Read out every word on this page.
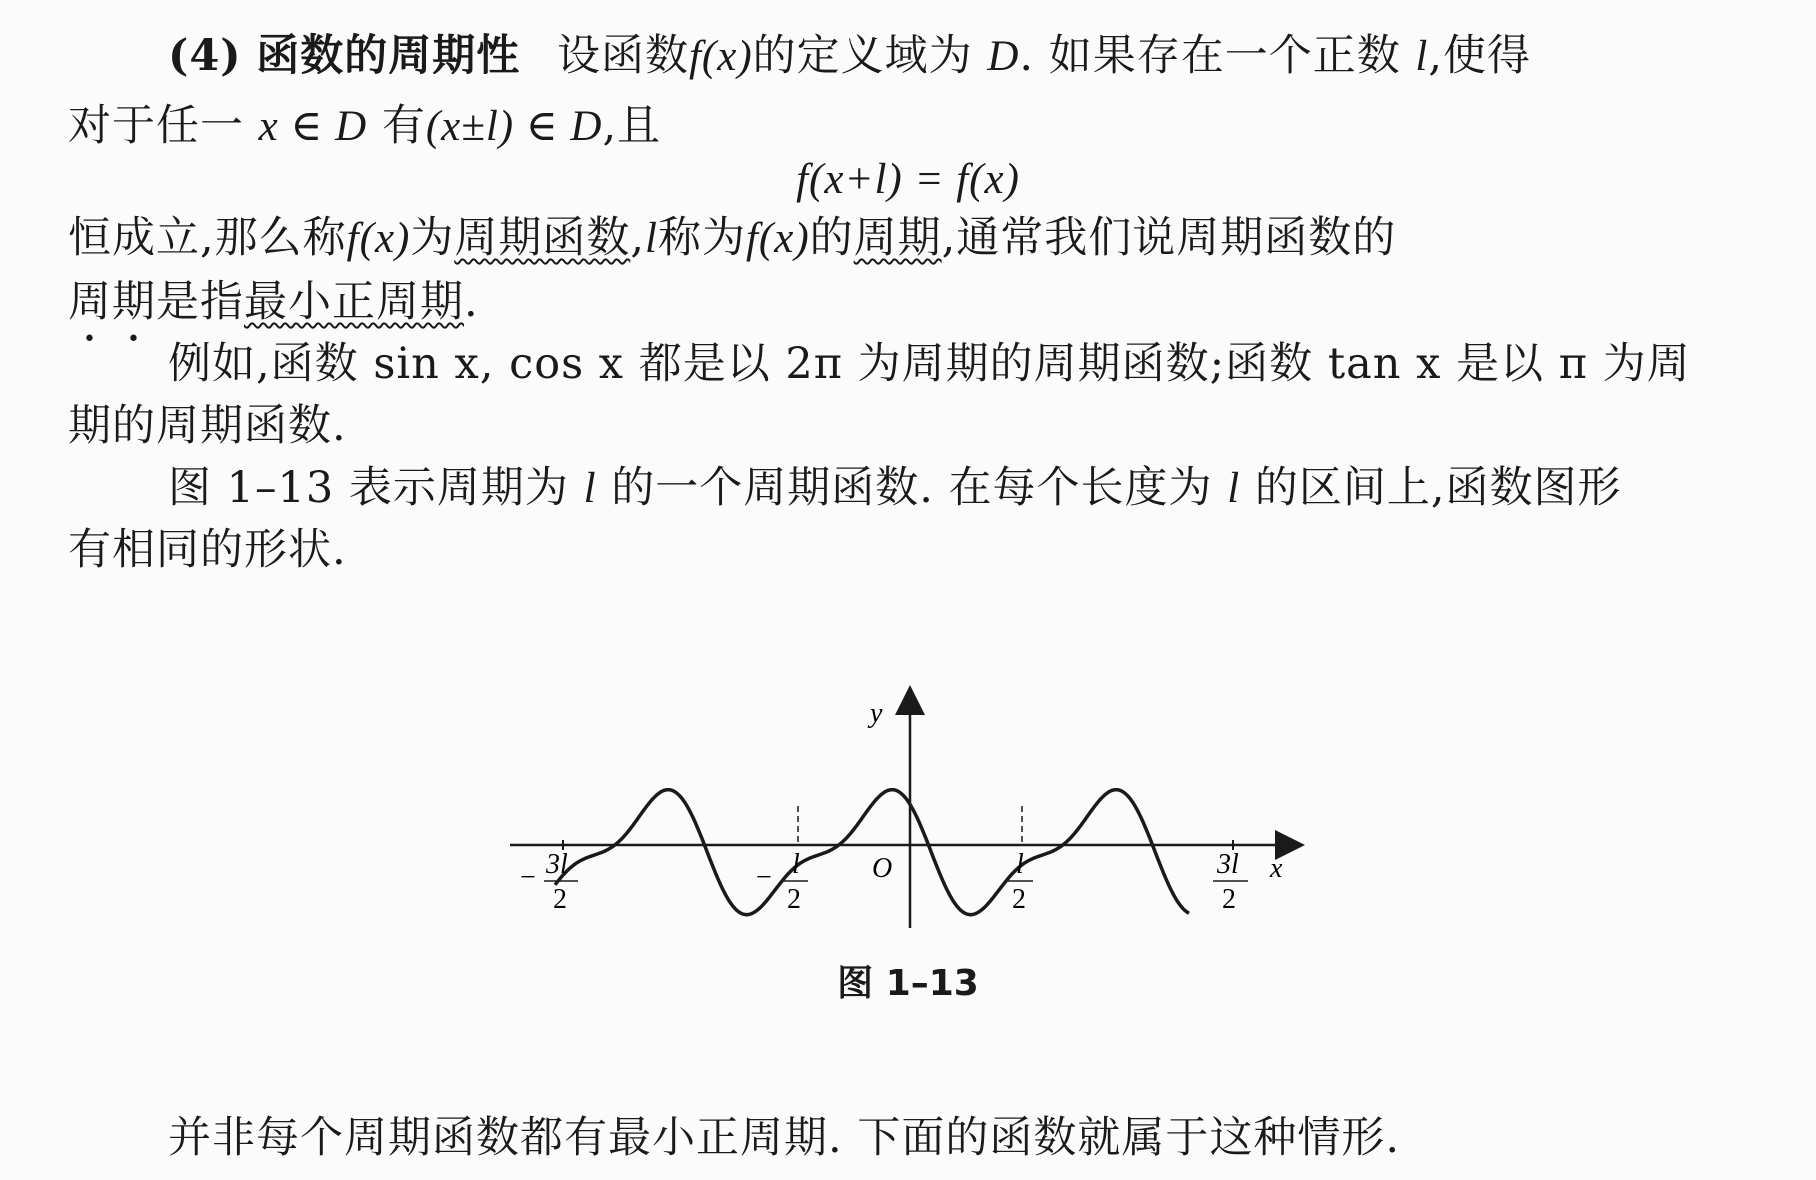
(4) 函数的周期性 设函数f(x)的定义域为 D. 如果存在一个正数 l,使得
对于任一 x ∈ D 有(x±l) ∈ D,且
f(x+l) = f(x)
恒成立,那么称f(x)为周期函数,l称为f(x)的周期,通常我们说周期函数的
周期是指最小正周期.
例如,函数 sin x, cos x 都是以 2π 为周期的周期函数;函数 tan x 是以 π 为周
期的周期函数.
图 1–13 表示周期为 l 的一个周期函数. 在每个长度为 l 的区间上,函数图形
有相同的形状.
y
x
O
− 3l
2
− l
2
l
2
3l
2
图 1–13
并非每个周期函数都有最小正周期. 下面的函数就属于这种情形.
